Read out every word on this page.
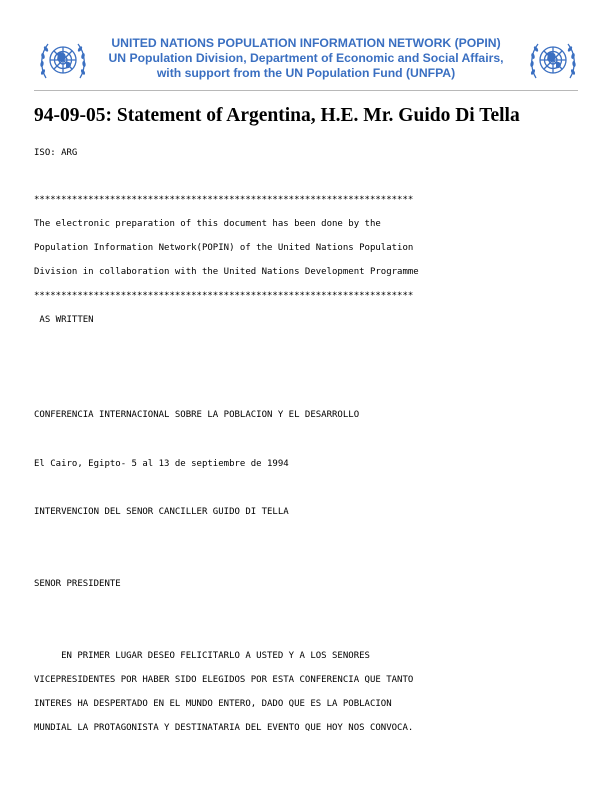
UNITED NATIONS POPULATION INFORMATION NETWORK (POPIN)
UN Population Division, Department of Economic and Social Affairs,
with support from the UN Population Fund (UNFPA)
94-09-05: Statement of Argentina, H.E. Mr. Guido Di Tella
ISO: ARG
**********************************************************************
The electronic preparation of this document has been done by the
Population Information Network(POPIN) of the United Nations Population
Division in collaboration with the United Nations Development Programme
**********************************************************************
AS WRITTEN
CONFERENCIA INTERNACIONAL SOBRE LA POBLACION Y EL DESARROLLO
El Cairo, Egipto- 5 al 13 de septiembre de 1994
INTERVENCION DEL SENOR CANCILLER GUIDO DI TELLA
SENOR PRESIDENTE
EN PRIMER LUGAR DESEO FELICITARLO A USTED Y A LOS SENORES
VICEPRESIDENTES POR HABER SIDO ELEGIDOS POR ESTA CONFERENCIA QUE TANTO
INTERES HA DESPERTADO EN EL MUNDO ENTERO, DADO QUE ES LA POBLACION
MUNDIAL LA PROTAGONISTA Y DESTINATARIA DEL EVENTO QUE HOY NOS CONVOCA.
